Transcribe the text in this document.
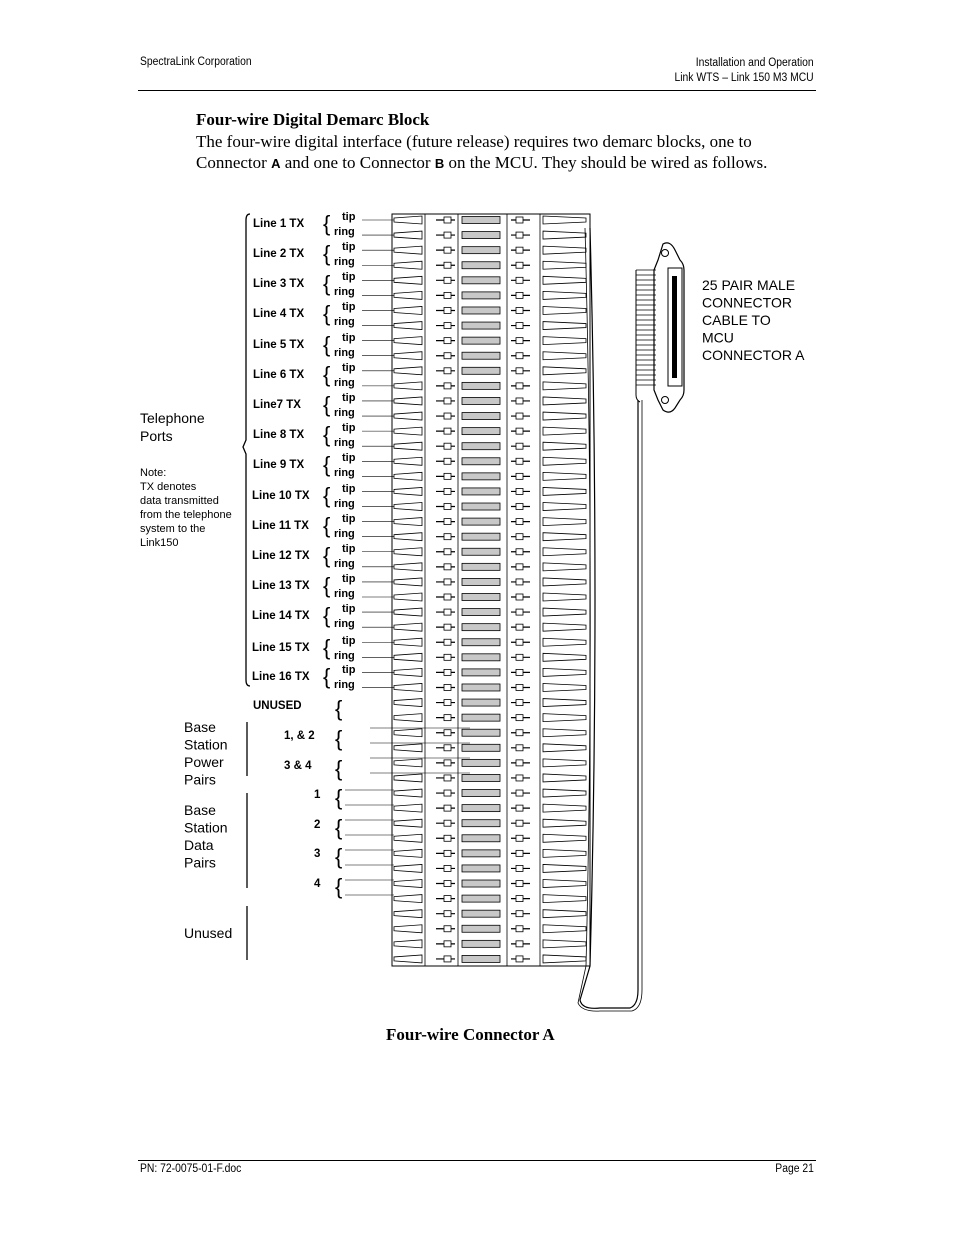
SpectraLink Corporation	Installation and Operation
Link WTS – Link 150 M3 MCU
Four-wire Digital Demarc Block
The four-wire digital interface (future release) requires two demarc blocks, one to Connector A and one to Connector B on the MCU. They should be wired as follows.
Line 1 TX { tip
ring
Line 2 TX { tip
ring
Line 3 TX { tip
ring
Line 4 TX { tip
ring
Line 5 TX { tip
ring
Line 6 TX { tip
ring
Line7 TX { tip
ring
Line 8 TX { tip
ring
Line 9 TX { tip
ring
Line 10 TX { tip
ring
Line 11 TX { tip
ring
Line 12 TX { tip
ring
Line 13 TX { tip
ring
Line 14 TX { tip
ring
Line 15 TX { tip
ring
Line 16 TX { tip
ring
UNUSED {
1, & 2 {
3 & 4 {
1 {
2 {
3 {
4 {
Telephone
Ports
Note:
TX denotes
data transmitted
from the telephone
system to the
Link150
Base
Station
Power
Pairs
Base
Station
Data
Pairs
Unused
25 PAIR MALE
CONNECTOR
CABLE TO
MCU
CONNECTOR A
Four-wire Connector A
PN: 72-0075-01-F.doc	Page 21
